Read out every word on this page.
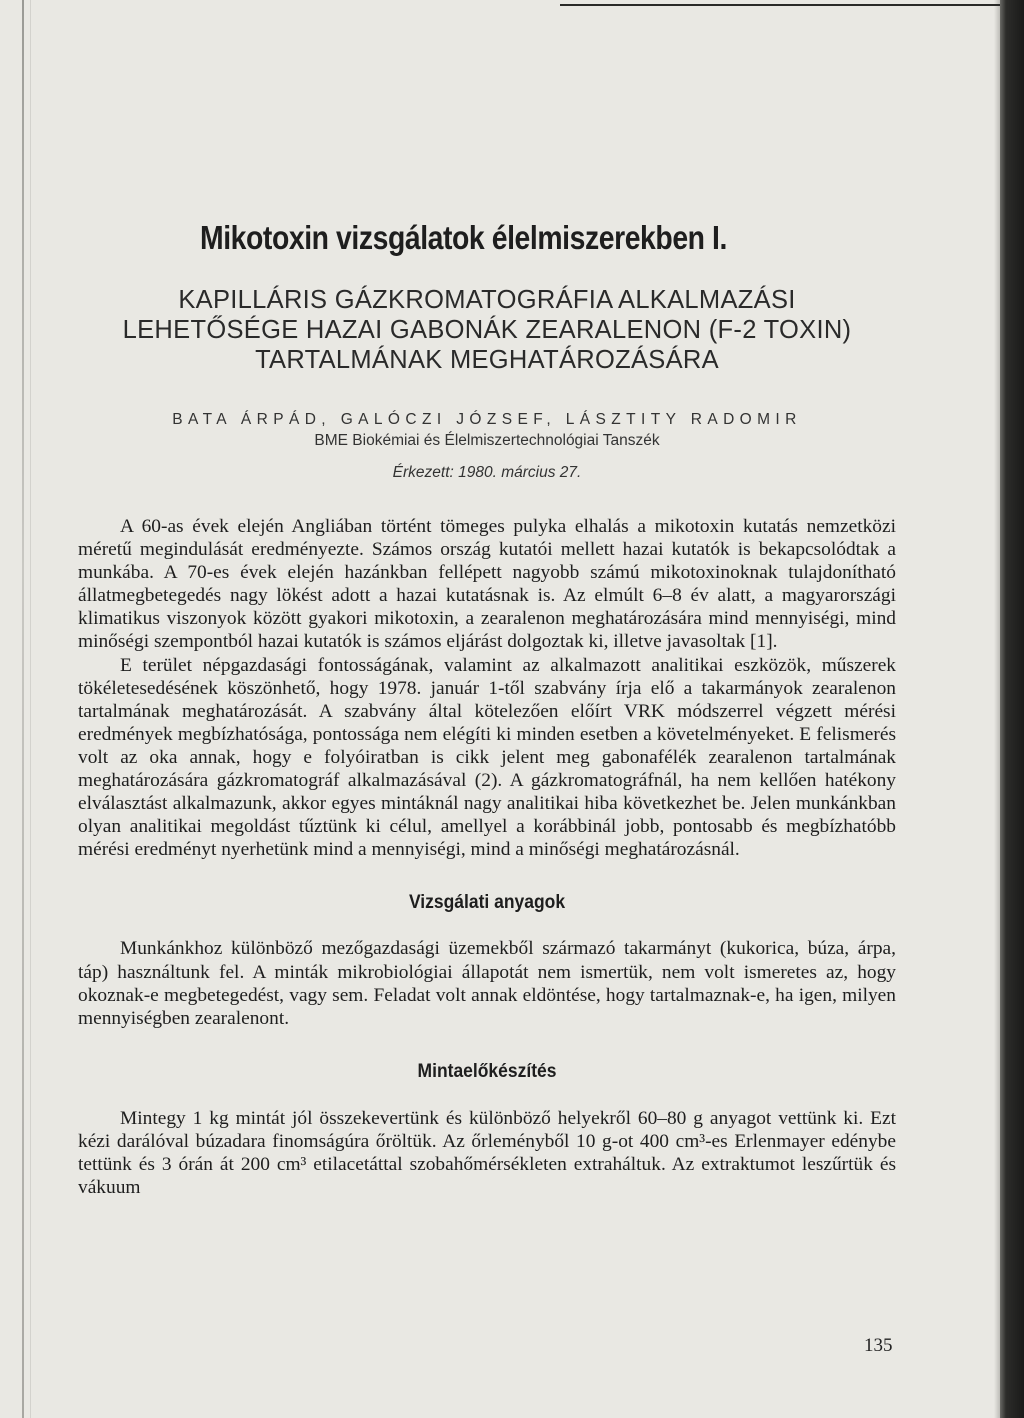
Mikotoxin vizsgálatok élelmiszerekben I.
KAPILLÁRIS GÁZKROMATOGRÁFIA ALKALMAZÁSI
LEHETŐSÉGE HAZAI GABONÁK ZEARALENON (F-2 TOXIN)
TARTALMÁNAK MEGHATÁROZÁSÁRA
BATA ÁRPÁD, GALÓCZI JÓZSEF, LÁSZTITY RADOMIR
BME Biokémiai és Élelmiszertechnológiai Tanszék
Érkezett: 1980. március 27.

A 60-as évek elején Angliában történt tömeges pulyka elhalás a mikotoxin kutatás nemzetközi méretű megindulását eredményezte. Számos ország kutatói mellett hazai kutatók is bekapcsolódtak a munkába. A 70-es évek elején hazánkban fellépett nagyobb számú mikotoxinoknak tulajdonítható állatmegbetegedés nagy lökést adott a hazai kutatásnak is. Az elmúlt 6–8 év alatt, a magyarországi klimatikus viszonyok között gyakori mikotoxin, a zearalenon meghatározására mind mennyiségi, mind minőségi szempontból hazai kutatók is számos eljárást dolgoztak ki, illetve javasoltak [1].

E terület népgazdasági fontosságának, valamint az alkalmazott analitikai eszközök, műszerek tökéletesedésének köszönhető, hogy 1978. január 1-től szabvány írja elő a takarmányok zearalenon tartalmának meghatározását. A szabvány által kötelezően előírt VRK módszerrel végzett mérési eredmények megbízhatósága, pontossága nem elégíti ki minden esetben a követelményeket. E felismerés volt az oka annak, hogy e folyóiratban is cikk jelent meg gabonafélék zearalenon tartalmának meghatározására gázkromatográf alkalmazásával (2). A gázkromatográfnál, ha nem kellően hatékony elválasztást alkalmazunk, akkor egyes mintáknál nagy analitikai hiba következhet be. Jelen munkánkban olyan analitikai megoldást tűztünk ki célul, amellyel a korábbinál jobb, pontosabb és megbízhatóbb mérési eredményt nyerhetünk mind a mennyiségi, mind a minőségi meghatározásnál.

Vizsgálati anyagok

Munkánkhoz különböző mezőgazdasági üzemekből származó takarmányt (kukorica, búza, árpa, táp) használtunk fel. A minták mikrobiológiai állapotát nem ismertük, nem volt ismeretes az, hogy okoznak-e megbetegedést, vagy sem. Feladat volt annak eldöntése, hogy tartalmaznak-e, ha igen, milyen mennyiségben zearalenont.

Mintaelőkészítés

Mintegy 1 kg mintát jól összekevertünk és különböző helyekről 60–80 g anyagot vettünk ki. Ezt kézi darálóval búzadara finomságúra őröltük. Az őrleményből 10 g-ot 400 cm³-es Erlenmayer edénybe tettünk és 3 órán át 200 cm³ etilacetáttal szobahőmérsékleten extraháltuk. Az extraktumot leszűrtük és vákuum

135
